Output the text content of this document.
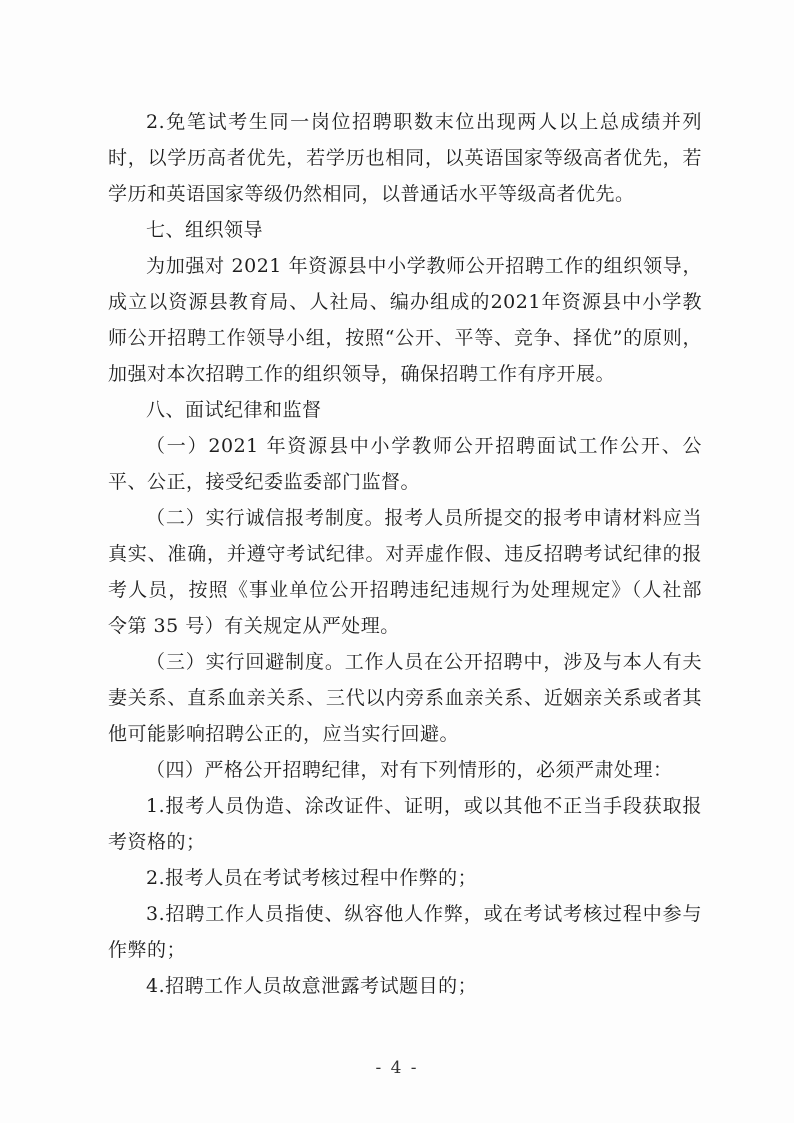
2.免笔试考生同一岗位招聘职数末位出现两人以上总成绩并列时，以学历高者优先，若学历也相同，以英语国家等级高者优先，若学历和英语国家等级仍然相同，以普通话水平等级高者优先。

七、组织领导

为加强对 2021 年资源县中小学教师公开招聘工作的组织领导，成立以资源县教育局、人社局、编办组成的2021年资源县中小学教师公开招聘工作领导小组，按照“公开、平等、竞争、择优”的原则，加强对本次招聘工作的组织领导，确保招聘工作有序开展。

八、面试纪律和监督

（一）2021 年资源县中小学教师公开招聘面试工作公开、公平、公正，接受纪委监委部门监督。

（二）实行诚信报考制度。报考人员所提交的报考申请材料应当真实、准确，并遵守考试纪律。对弄虚作假、违反招聘考试纪律的报考人员，按照《事业单位公开招聘违纪违规行为处理规定》（人社部令第 35 号）有关规定从严处理。

（三）实行回避制度。工作人员在公开招聘中，涉及与本人有夫妻关系、直系血亲关系、三代以内旁系血亲关系、近姻亲关系或者其他可能影响招聘公正的，应当实行回避。

（四）严格公开招聘纪律，对有下列情形的，必须严肃处理：

1.报考人员伪造、涂改证件、证明，或以其他不正当手段获取报考资格的；

2.报考人员在考试考核过程中作弊的；

3.招聘工作人员指使、纵容他人作弊，或在考试考核过程中参与作弊的；

4.招聘工作人员故意泄露考试题目的；

- 4 -
